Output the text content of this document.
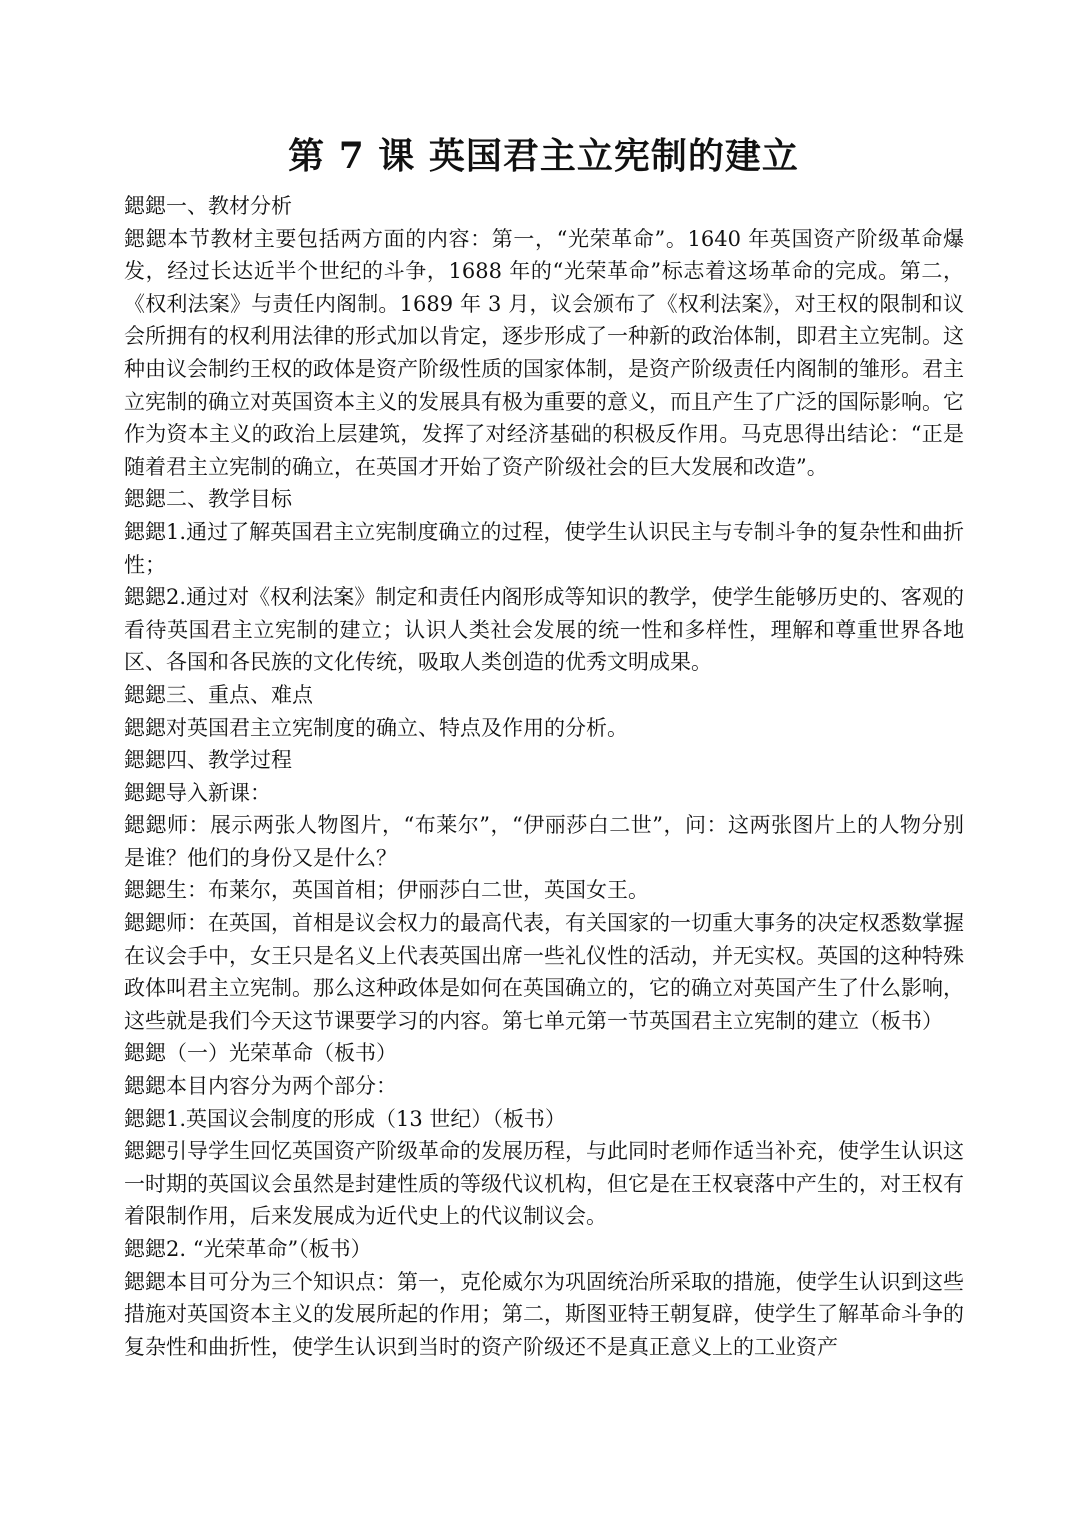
第 7 课 英国君主立宪制的建立

鍶鍶一、教材分析

鍶鍶本节教材主要包括两方面的内容：第一，“光荣革命”。1640 年英国资产阶级革命爆发，经过长达近半个世纪的斗争，1688 年的“光荣革命”标志着这场革命的完成。第二，《权利法案》与责任内阁制。1689 年 3 月，议会颁布了《权利法案》，对王权的限制和议会所拥有的权利用法律的形式加以肯定，逐步形成了一种新的政治体制，即君主立宪制。这种由议会制约王权的政体是资产阶级性质的国家体制，是资产阶级责任内阁制的雏形。君主立宪制的确立对英国资本主义的发展具有极为重要的意义，而且产生了广泛的国际影响。它作为资本主义的政治上层建筑，发挥了对经济基础的积极反作用。马克思得出结论：“正是随着君主立宪制的确立，在英国才开始了资产阶级社会的巨大发展和改造”。

鍶鍶二、教学目标

鍶鍶1.通过了解英国君主立宪制度确立的过程，使学生认识民主与专制斗争的复杂性和曲折性；

鍶鍶2.通过对《权利法案》制定和责任内阁形成等知识的教学，使学生能够历史的、客观的看待英国君主立宪制的建立；认识人类社会发展的统一性和多样性，理解和尊重世界各地区、各国和各民族的文化传统，吸取人类创造的优秀文明成果。

鍶鍶三、重点、难点

鍶鍶对英国君主立宪制度的确立、特点及作用的分析。

鍶鍶四、教学过程

鍶鍶导入新课：

鍶鍶师：展示两张人物图片，“布莱尔”，“伊丽莎白二世”，问：这两张图片上的人物分别是谁？他们的身份又是什么？

鍶鍶生：布莱尔，英国首相；伊丽莎白二世，英国女王。

鍶鍶师：在英国，首相是议会权力的最高代表，有关国家的一切重大事务的决定权悉数掌握在议会手中，女王只是名义上代表英国出席一些礼仪性的活动，并无实权。英国的这种特殊政体叫君主立宪制。那么这种政体是如何在英国确立的，它的确立对英国产生了什么影响，这些就是我们今天这节课要学习的内容。第七单元第一节英国君主立宪制的建立（板书）

鍶鍶（一）光荣革命（板书）

鍶鍶本目内容分为两个部分：

鍶鍶1.英国议会制度的形成（13 世纪）（板书）

鍶鍶引导学生回忆英国资产阶级革命的发展历程，与此同时老师作适当补充，使学生认识这一时期的英国议会虽然是封建性质的等级代议机构，但它是在王权衰落中产生的，对王权有着限制作用，后来发展成为近代史上的代议制议会。

鍶鍶2. “光荣革命”（板书）

鍶鍶本目可分为三个知识点：第一，克伦威尔为巩固统治所采取的措施，使学生认识到这些措施对英国资本主义的发展所起的作用；第二，斯图亚特王朝复辟，使学生了解革命斗争的复杂性和曲折性，使学生认识到当时的资产阶级还不是真正意义上的工业资产
